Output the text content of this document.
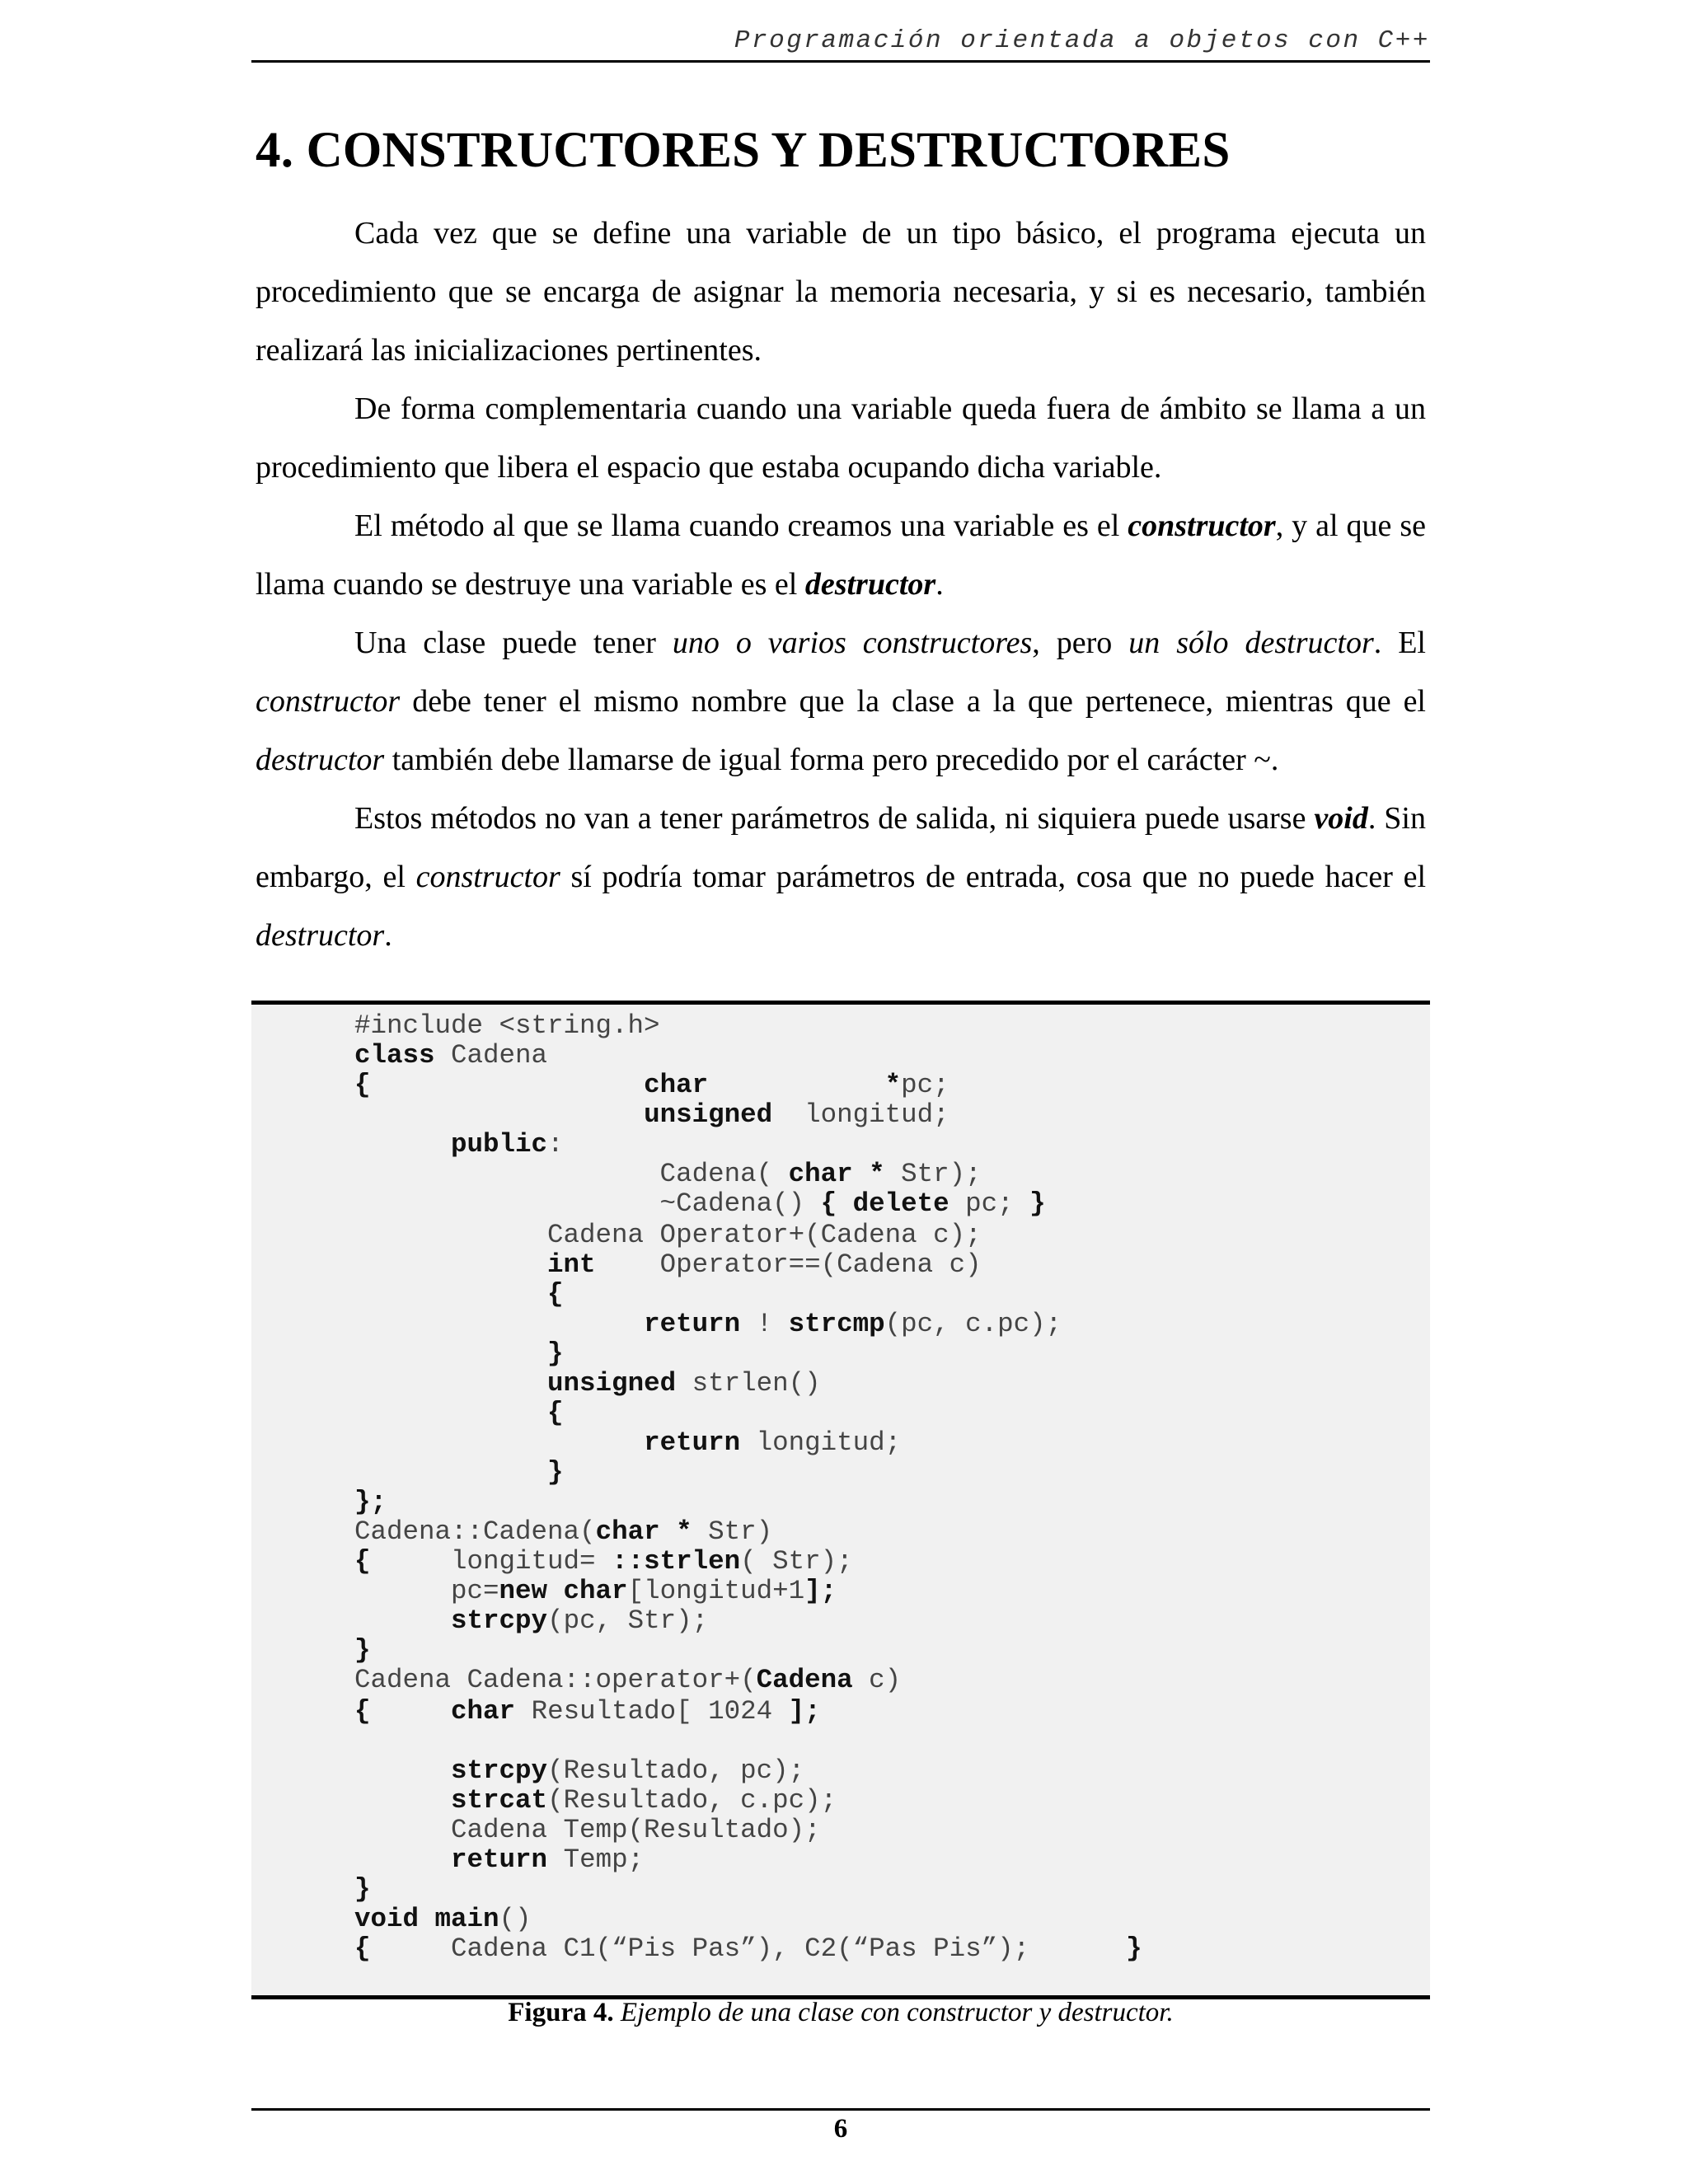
Programación orientada a objetos con C++
4. CONSTRUCTORES Y DESTRUCTORES

Cada vez que se define una variable de un tipo básico, el programa ejecuta un procedimiento que se encarga de asignar la memoria necesaria, y si es necesario, también realizará las inicializaciones pertinentes.

De forma complementaria cuando una variable queda fuera de ámbito se llama a un procedimiento que libera el espacio que estaba ocupando dicha variable.

El método al que se llama cuando creamos una variable es el constructor, y al que se llama cuando se destruye una variable es el destructor.

Una clase puede tener uno o varios constructores, pero un sólo destructor. El constructor debe tener el mismo nombre que la clase a la que pertenece, mientras que el destructor también debe llamarse de igual forma pero precedido por el carácter ~.

Estos métodos no van a tener parámetros de salida, ni siquiera puede usarse void. Sin embargo, el constructor sí podría tomar parámetros de entrada, cosa que no puede hacer el destructor.

#include <string.h>
class Cadena
{	char	*pc;
unsigned  longitud;
public:
Cadena( char * Str);
~Cadena() { delete pc; }
Cadena Operator+(Cadena c);
int    Operator==(Cadena c)
{
return ! strcmp(pc, c.pc);
}
unsigned strlen()
{
return longitud;
}
};
Cadena::Cadena(char * Str)
{     longitud= ::strlen( Str);
pc=new char[longitud+1];
strcpy(pc, Str);
}
Cadena Cadena::operator+(Cadena c)
{	char Resultado[ 1024 ];
strcpy(Resultado, pc);
strcat(Resultado, c.pc);
Cadena Temp(Resultado);
return Temp;
}
void main()
{     Cadena C1(“Pis Pas”), C2(“Pas Pis”);      }
Figura 4. Ejemplo de una clase con constructor y destructor.
6
